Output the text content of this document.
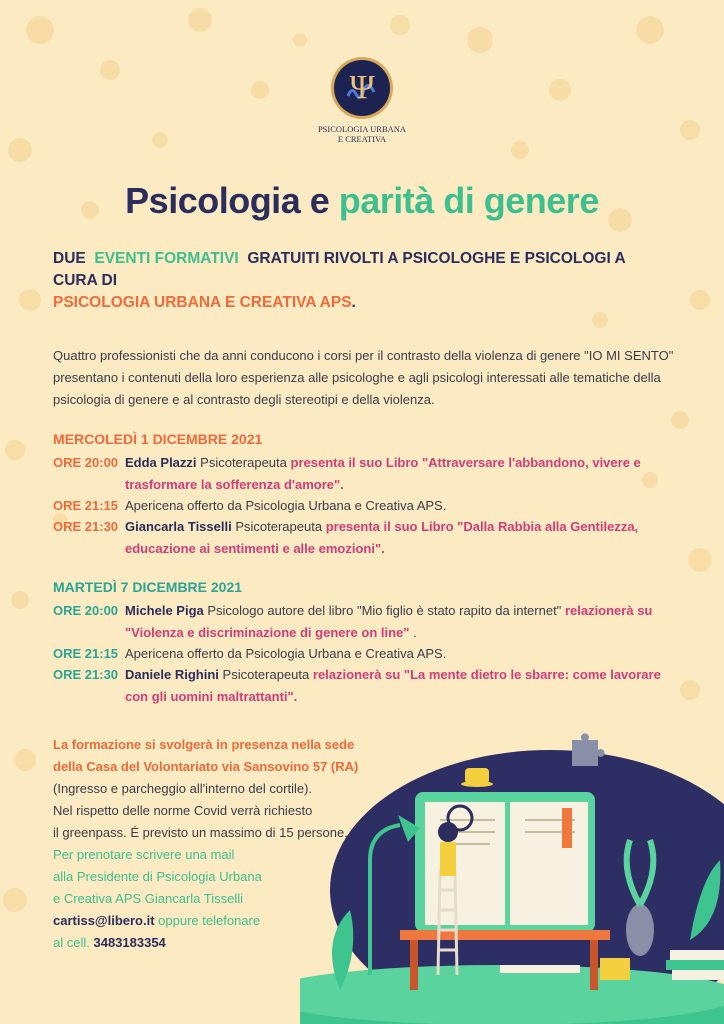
Ψ
PSICOLOGIA URBANA
E CREATIVA
Psicologia e parità di genere
DUE EVENTI FORMATIVI GRATUITI RIVOLTI A PSICOLOGHE E PSICOLOGI A CURA DI
PSICOLOGIA URBANA E CREATIVA APS.
Quattro professionisti che da anni conducono i corsi per il contrasto della violenza di genere "IO MI SENTO" presentano i contenuti della loro esperienza alle psicologhe e agli psicologi interessati alle tematiche della psicologia di genere e al contrasto degli stereotipi e della violenza.
MERCOLEDÌ 1 DICEMBRE 2021
ORE 20:00 Edda Plazzi Psicoterapeuta presenta il suo Libro "Attraversare l'abbandono, vivere e trasformare la sofferenza d'amore".
ORE 21:15 Apericena offerto da Psicologia Urbana e Creativa APS.
ORE 21:30 Giancarla Tisselli Psicoterapeuta presenta il suo Libro "Dalla Rabbia alla Gentilezza, educazione ai sentimenti e alle emozioni".
MARTEDÌ 7 DICEMBRE 2021
ORE 20:00 Michele Piga Psicologo autore del libro "Mio figlio è stato rapito da internet" relazionerà su "Violenza e discriminazione di genere on line" .
ORE 21:15 Apericena offerto da Psicologia Urbana e Creativa APS.
ORE 21:30 Daniele Righini Psicoterapeuta relazionerà su "La mente dietro le sbarre: come lavorare con gli uomini maltrattanti".
La formazione si svolgerà in presenza nella sede
della Casa del Volontariato via Sansovino 57 (RA)
(Ingresso e parcheggio all'interno del cortile).
Nel rispetto delle norme Covid verrà richiesto
il greenpass. É previsto un massimo di 15 persone.
Per prenotare scrivere una mail
alla Presidente di Psicologia Urbana
e Creativa APS Giancarla Tisselli
cartiss@libero.it oppure telefonare
al cell. 3483183354
